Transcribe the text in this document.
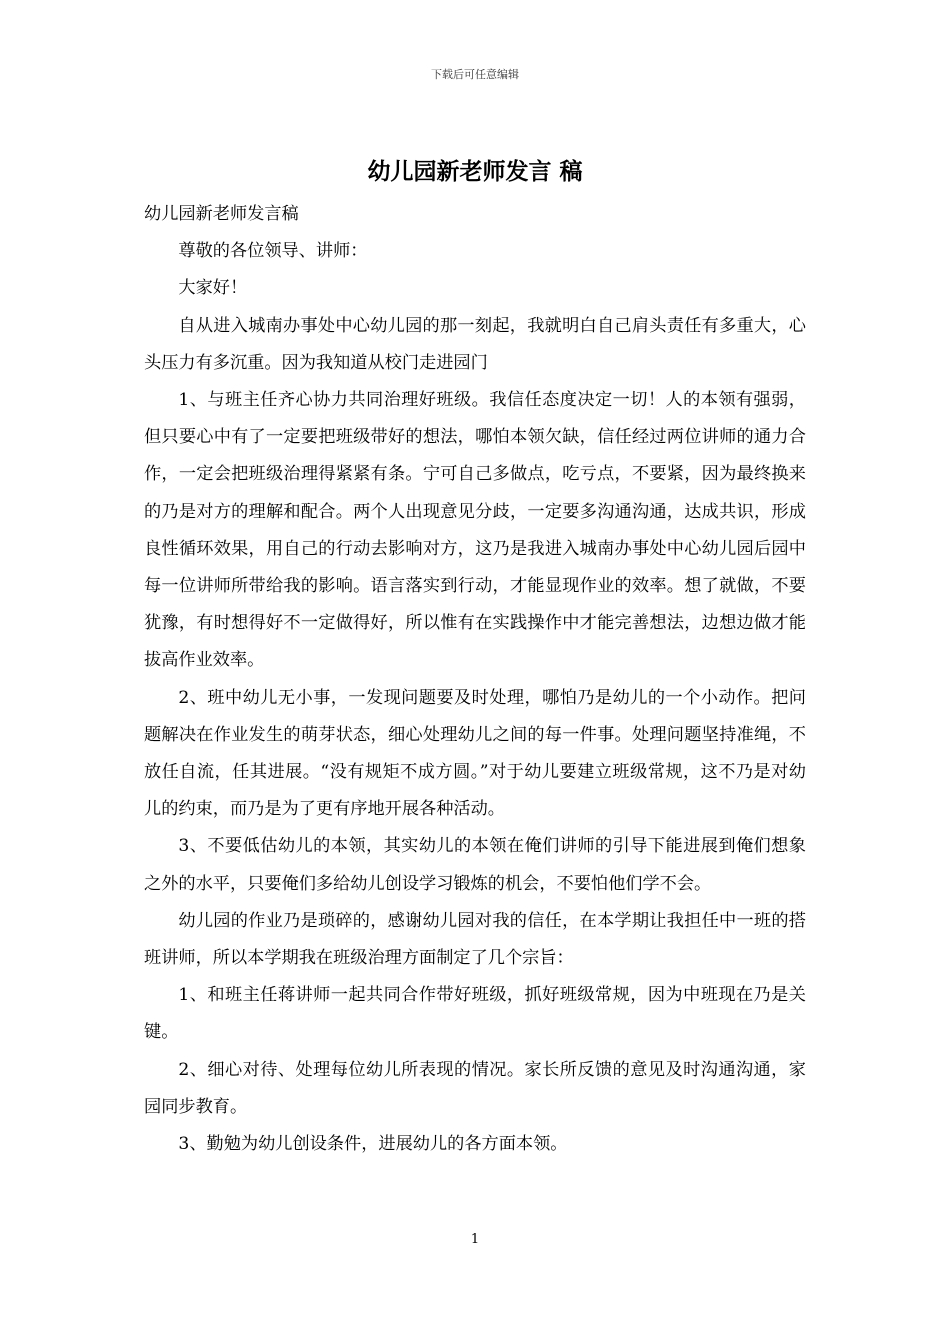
下载后可任意编辑
幼儿园新老师发言 稿

幼儿园新老师发言稿

尊敬的各位领导、讲师：

大家好！

自从进入城南办事处中心幼儿园的那一刻起，我就明白自己肩头责任有多重大，心头压力有多沉重。因为我知道从校门走进园门

1、与班主任齐心协力共同治理好班级。我信任态度决定一切！人的本领有强弱，但只要心中有了一定要把班级带好的想法，哪怕本领欠缺，信任经过两位讲师的通力合作，一定会把班级治理得紧紧有条。宁可自己多做点，吃亏点，不要紧，因为最终换来的乃是对方的理解和配合。两个人出现意见分歧，一定要多沟通沟通，达成共识，形成良性循环效果，用自己的行动去影响对方，这乃是我进入城南办事处中心幼儿园后园中每一位讲师所带给我的影响。语言落实到行动，才能显现作业的效率。想了就做，不要犹豫，有时想得好不一定做得好，所以惟有在实践操作中才能完善想法，边想边做才能拔高作业效率。

2、班中幼儿无小事，一发现问题要及时处理，哪怕乃是幼儿的一个小动作。把问题解决在作业发生的萌芽状态，细心处理幼儿之间的每一件事。处理问题坚持准绳，不放任自流，任其进展。“没有规矩不成方圆。”对于幼儿要建立班级常规，这不乃是对幼儿的约束，而乃是为了更有序地开展各种活动。

3、不要低估幼儿的本领，其实幼儿的本领在俺们讲师的引导下能进展到俺们想象之外的水平，只要俺们多给幼儿创设学习锻炼的机会，不要怕他们学不会。

幼儿园的作业乃是琐碎的，感谢幼儿园对我的信任，在本学期让我担任中一班的搭班讲师，所以本学期我在班级治理方面制定了几个宗旨：

1、和班主任蒋讲师一起共同合作带好班级，抓好班级常规，因为中班现在乃是关键。

2、细心对待、处理每位幼儿所表现的情况。家长所反馈的意见及时沟通沟通，家园同步教育。

3、勤勉为幼儿创设条件，进展幼儿的各方面本领。

1
